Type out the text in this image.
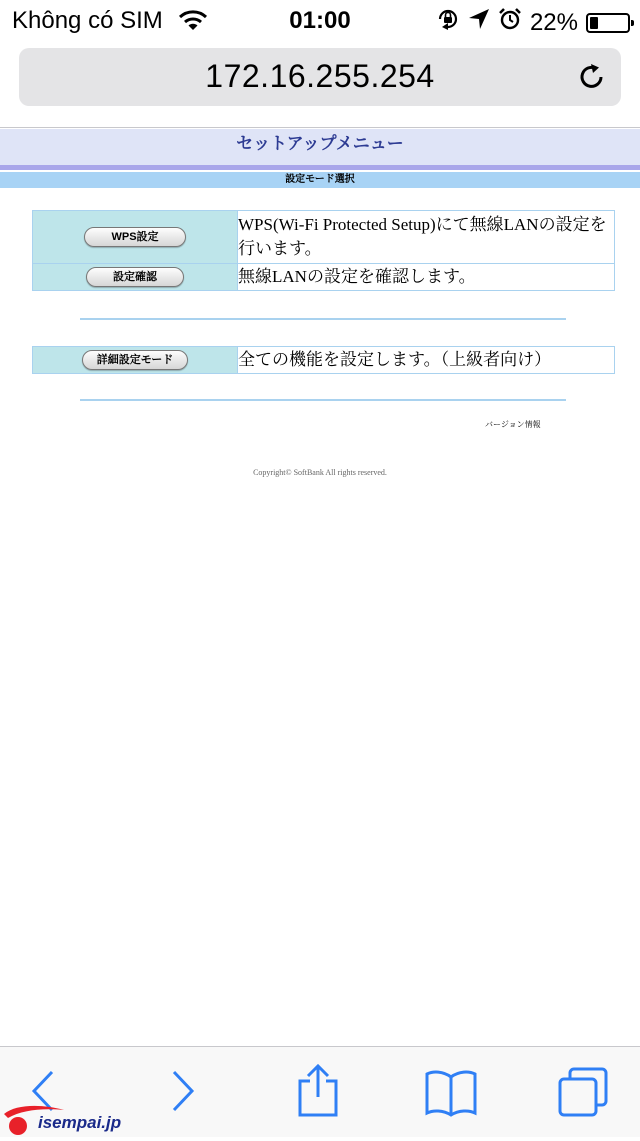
Không có SIM	01:00	22%
172.16.255.254
セットアップメニュー
設定モード選択
WPS設定	WPS(Wi-Fi Protected Setup)にて無線LANの設定を行います。
設定確認	無線LANの設定を確認します。
詳細設定モード	全ての機能を設定します。（上級者向け）
バージョン情報
Copyright© SoftBank All rights reserved.
isempai.jp
